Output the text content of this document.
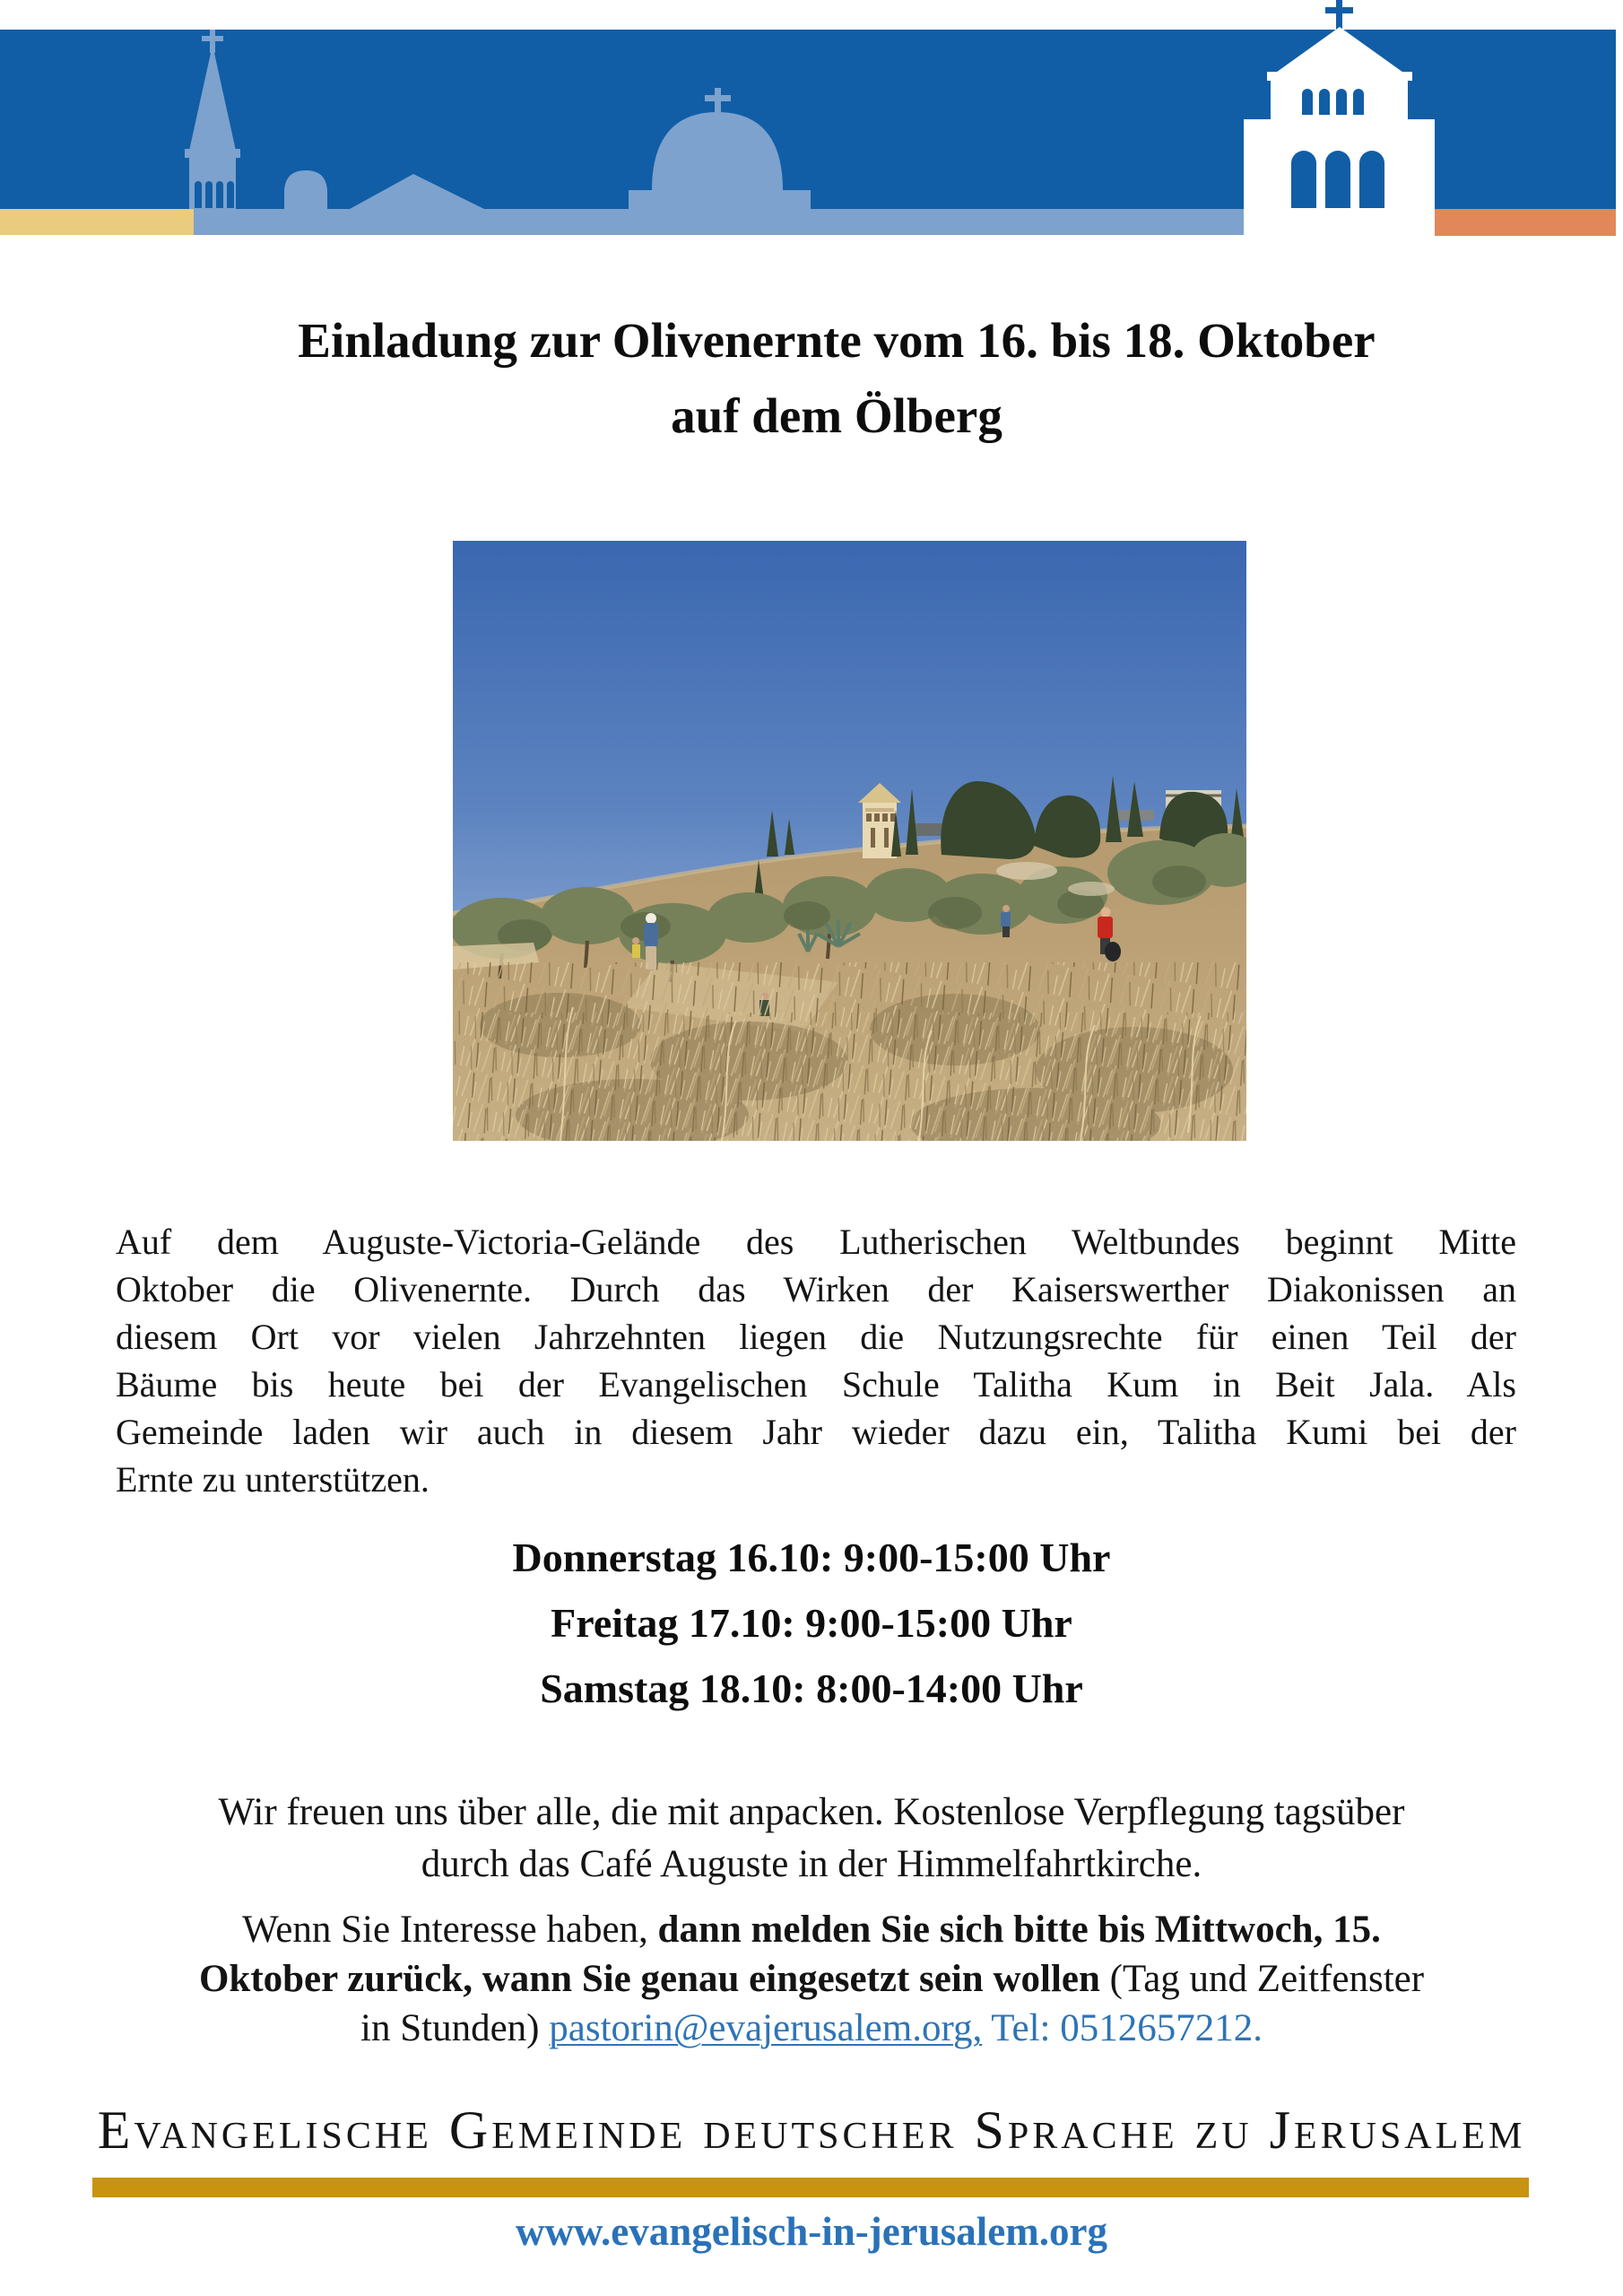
Einladung zur Olivenernte vom 16. bis 18. Oktober
auf dem Ölberg
Auf dem Auguste-Victoria-Gelände des Lutherischen Weltbundes beginnt Mitte
Oktober die Olivenernte. Durch das Wirken der Kaiserswerther Diakonissen an
diesem Ort vor vielen Jahrzehnten liegen die Nutzungsrechte für einen Teil der
Bäume bis heute bei der Evangelischen Schule Talitha Kum in Beit Jala. Als
Gemeinde laden wir auch in diesem Jahr wieder dazu ein, Talitha Kumi bei der
Ernte zu unterstützen.
Donnerstag 16.10: 9:00-15:00 Uhr
Freitag 17.10: 9:00-15:00 Uhr
Samstag 18.10: 8:00-14:00 Uhr
Wir freuen uns über alle, die mit anpacken. Kostenlose Verpflegung tagsüber
durch das Café Auguste in der Himmelfahrtkirche.
Wenn Sie Interesse haben, dann melden Sie sich bitte bis Mittwoch, 15.
Oktober zurück, wann Sie genau eingesetzt sein wollen (Tag und Zeitfenster
in Stunden) pastorin@evajerusalem.org, Tel: 0512657212.
Evangelische Gemeinde deutscher Sprache zu Jerusalem
www.evangelisch-in-jerusalem.org
